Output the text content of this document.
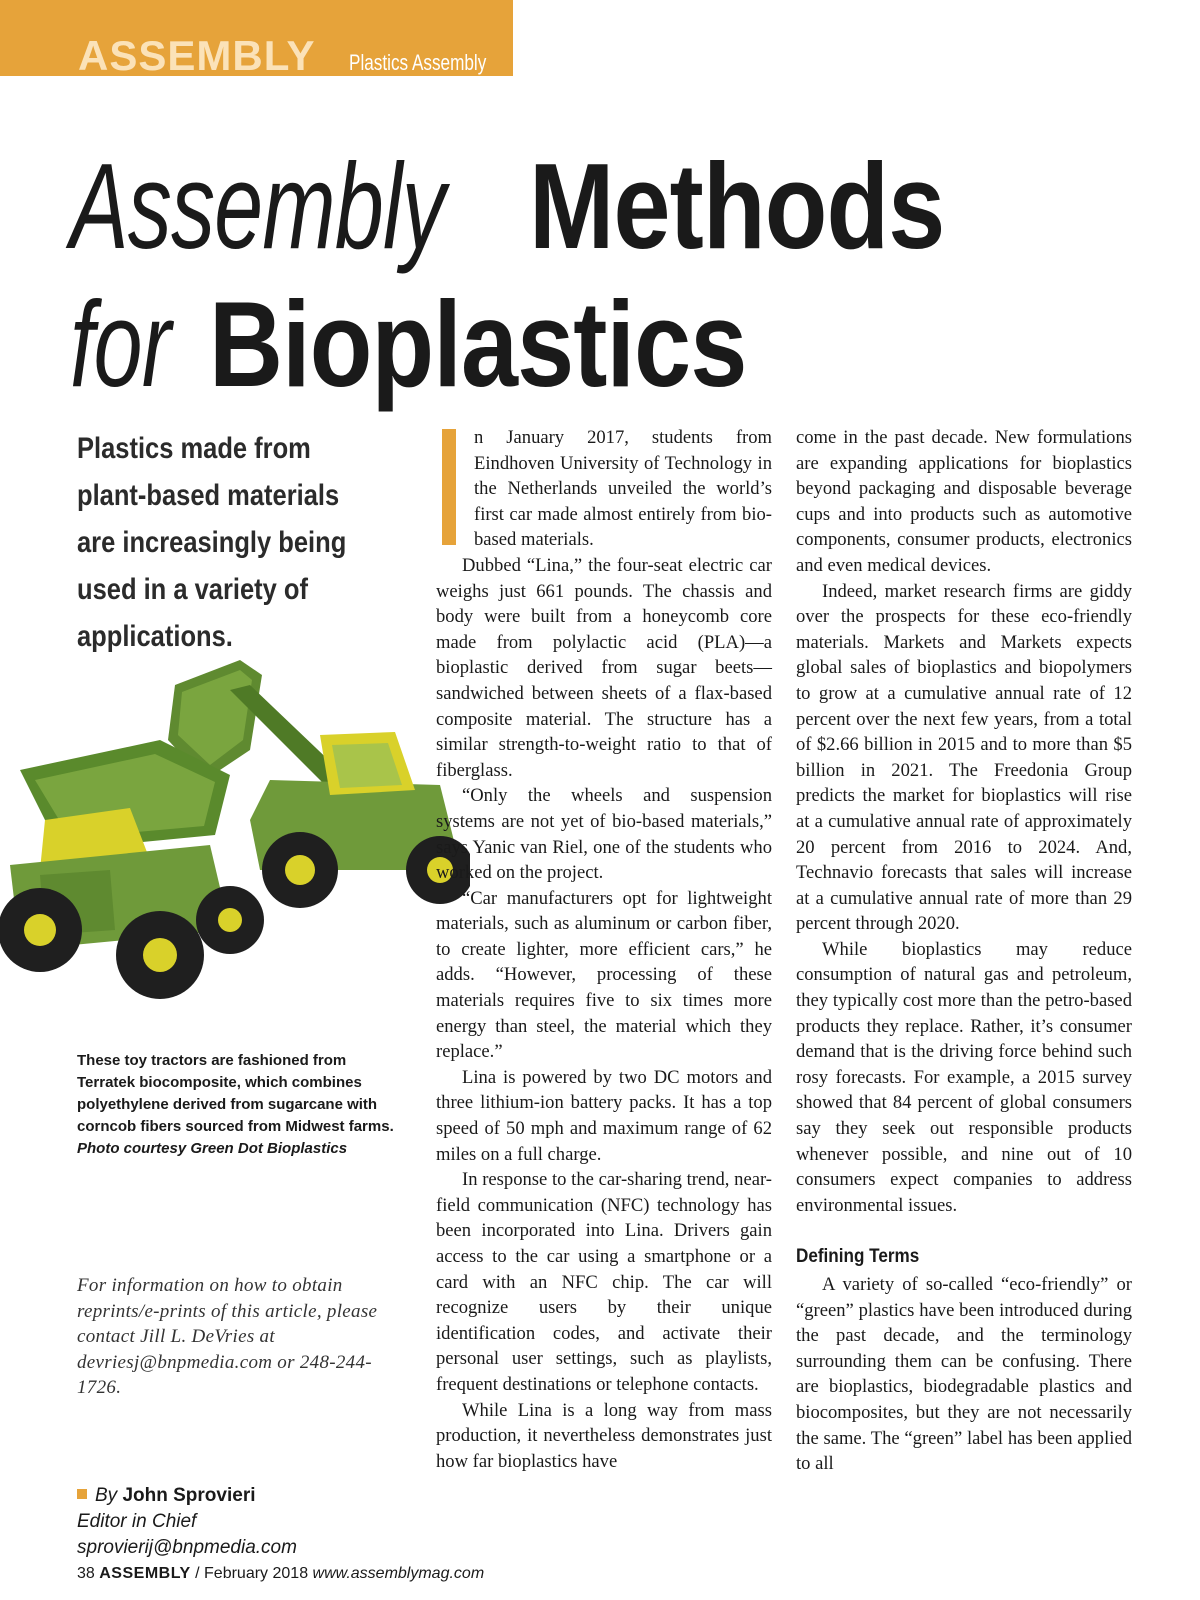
ASSEMBLY Plastics Assembly
Assembly Methods
for Bioplastics
Plastics made from plant-based materials are increasingly being used in a variety of applications.
These toy tractors are fashioned from Terratek biocomposite, which combines polyethylene derived from sugarcane with corncob fibers sourced from Midwest farms. Photo courtesy Green Dot Bioplastics
For information on how to obtain reprints/e-prints of this article, please contact Jill L. DeVries at devriesj@bnpmedia.com or 248-244-1726.
By John Sprovieri
Editor in Chief
sprovierij@bnpmedia.com

n January 2017, students from Eindhoven University of Technology in the Netherlands unveiled the world’s first car made almost entirely from bio-based materials.

Dubbed “Lina,” the four-seat electric car weighs just 661 pounds. The chassis and body were built from a honeycomb core made from polylactic acid (PLA)—a bioplastic derived from sugar beets—sandwiched between sheets of a flax-based composite material. The structure has a similar strength-to-weight ratio to that of fiberglass.

“Only the wheels and suspension systems are not yet of bio-based materials,” says Yanic van Riel, one of the students who worked on the project.

“Car manufacturers opt for lightweight materials, such as aluminum or carbon fiber, to create lighter, more efficient cars,” he adds. “However, processing of these materials requires five to six times more energy than steel, the material which they replace.”

Lina is powered by two DC motors and three lithium-ion battery packs. It has a top speed of 50 mph and maximum range of 62 miles on a full charge.

In response to the car-sharing trend, near-field communication (NFC) technology has been incorporated into Lina. Drivers gain access to the car using a smartphone or a card with an NFC chip. The car will recognize users by their unique identification codes, and activate their personal user settings, such as playlists, frequent destinations or telephone contacts.

While Lina is a long way from mass production, it nevertheless demonstrates just how far bioplastics have

come in the past decade. New formulations are expanding applications for bioplastics beyond packaging and disposable beverage cups and into products such as automotive components, consumer products, electronics and even medical devices.

Indeed, market research firms are giddy over the prospects for these eco-friendly materials. Markets and Markets expects global sales of bioplastics and biopolymers to grow at a cumulative annual rate of 12 percent over the next few years, from a total of $2.66 billion in 2015 and to more than $5 billion in 2021. The Freedonia Group predicts the market for bioplastics will rise at a cumulative annual rate of approximately 20 percent from 2016 to 2024. And, Technavio forecasts that sales will increase at a cumulative annual rate of more than 29 percent through 2020.

While bioplastics may reduce consumption of natural gas and petroleum, they typically cost more than the petro-based products they replace. Rather, it’s consumer demand that is the driving force behind such rosy forecasts. For example, a 2015 survey showed that 84 percent of global consumers say they seek out responsible products whenever possible, and nine out of 10 consumers expect companies to address environmental issues.

Defining Terms

A variety of so-called “eco-friendly” or “green” plastics have been introduced during the past decade, and the terminology surrounding them can be confusing. There are bioplastics, biodegradable plastics and biocomposites, but they are not necessarily the same. The “green” label has been applied to all

38 ASSEMBLY / February 2018 www.assemblymag.com
